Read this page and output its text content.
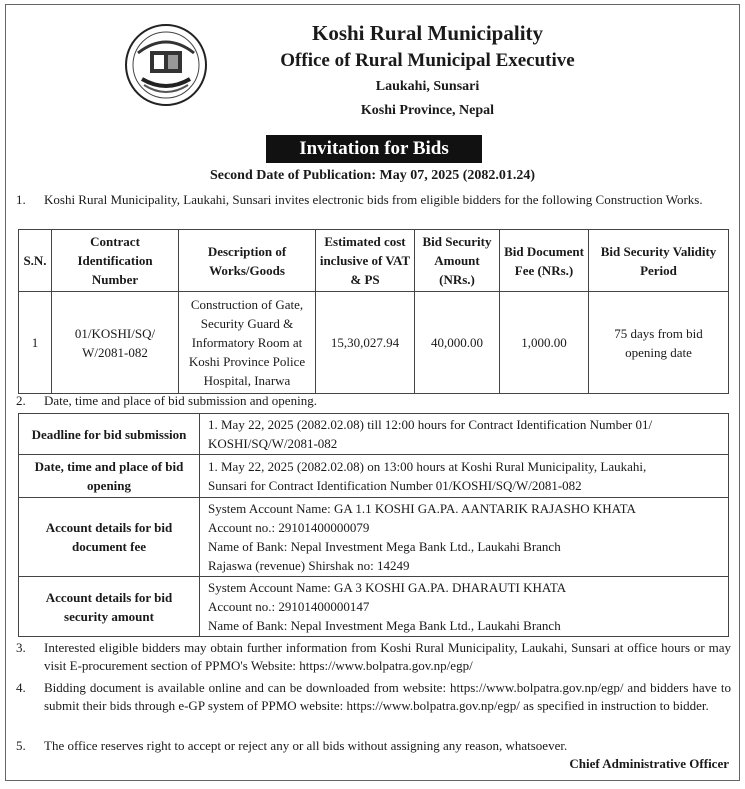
Koshi Rural Municipality
Office of Rural Municipal Executive
Laukahi, Sunsari
Koshi Province, Nepal
Invitation for Bids
Second Date of Publication: May 07, 2025 (2082.01.24)
1. Koshi Rural Municipality, Laukahi, Sunsari invites electronic bids from eligible bidders for the following Construction Works.
S.N.	Contract Identification Number	Description of Works/Goods	Estimated cost inclusive of VAT & PS	Bid Security Amount (NRs.)	Bid Document Fee (NRs.)	Bid Security Validity Period
1	01/KOSHI/SQ/ W/2081-082	Construction of Gate, Security Guard & Informatory Room at Koshi Province Police Hospital, Inarwa	15,30,027.94	40,000.00	1,000.00	75 days from bid opening date
2. Date, time and place of bid submission and opening.
Deadline for bid submission	1. May 22, 2025 (2082.02.08) till 12:00 hours for Contract Identification Number 01/
KOSHI/SQ/W/2081-082

Date, time and place of bid opening	1. May 22, 2025 (2082.02.08) on 13:00 hours at Koshi Rural Municipality, Laukahi,
Sunsari for Contract Identification Number 01/KOSHI/SQ/W/2081-082

Account details for bid document fee	System Account Name: GA 1.1 KOSHI GA.PA. AANTARIK RAJASHO KHATA
Account no.: 29101400000079
Name of Bank: Nepal Investment Mega Bank Ltd., Laukahi Branch
Rajaswa (revenue) Shirshak no: 14249

Account details for bid security amount	System Account Name: GA 3 KOSHI GA.PA. DHARAUTI KHATA
Account no.: 29101400000147
Name of Bank: Nepal Investment Mega Bank Ltd., Laukahi Branch
3. Interested eligible bidders may obtain further information from Koshi Rural Municipality, Laukahi, Sunsari at office hours or may visit E-procurement section of PPMO's Website: https://www.bolpatra.gov.np/egp/
4. Bidding document is available online and can be downloaded from website: https://www.bolpatra.gov.np/egp/ and bidders have to submit their bids through e-GP system of PPMO website: https://www.bolpatra.gov.np/egp/ as specified in instruction to bidder.
5. The office reserves right to accept or reject any or all bids without assigning any reason, whatsoever.
Chief Administrative Officer
